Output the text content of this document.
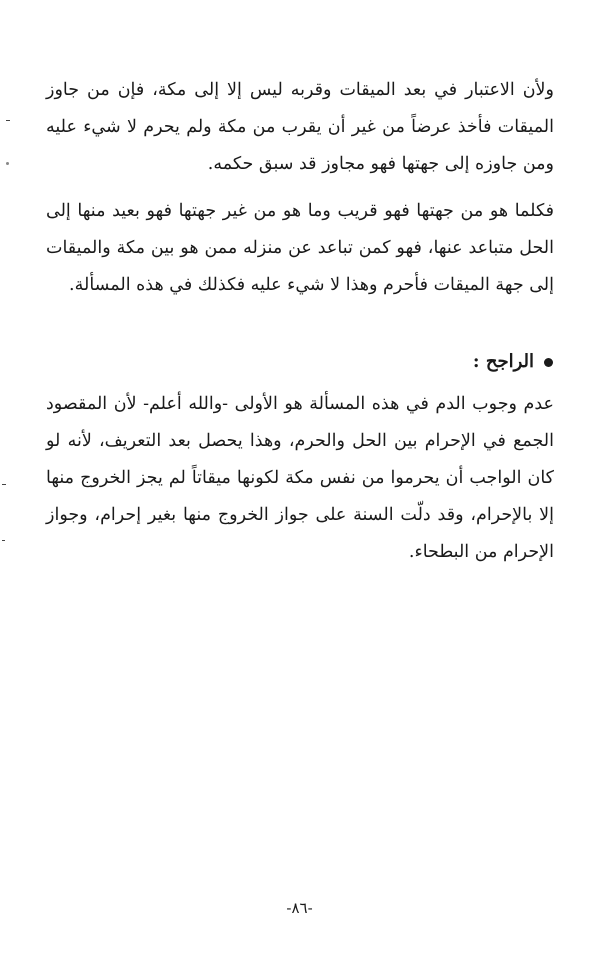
ولأن الاعتبار في بعد الميقات وقربه ليس إلا إلى مكة، فإن من جاوز الميقات فأخذ عرضاً من غير أن يقرب من مكة ولم يحرم لا شيء عليه ومن جاوزه إلى جهتها فهو مجاوز قد سبق حكمه.

فكلما هو من جهتها فهو قريب وما هو من غير جهتها فهو بعيد منها إلى الحل متباعد عنها، فهو كمن تباعد عن منزله ممن هو بين مكة والميقات إلى جهة الميقات فأحرم وهذا لا شيء عليه فكذلك في هذه المسألة.

الراجح :

عدم وجوب الدم في هذه المسألة هو الأولى -والله أعلم- لأن المقصود الجمع في الإحرام بين الحل والحرم، وهذا يحصل بعد التعريف، لأنه لو كان الواجب أن يحرموا من نفس مكة لكونها ميقاتاً لم يجز الخروج منها إلا بالإحرام، وقد دلّت السنة على جواز الخروج منها بغير إحرام، وجواز الإحرام من البطحاء.

-٨٦-
